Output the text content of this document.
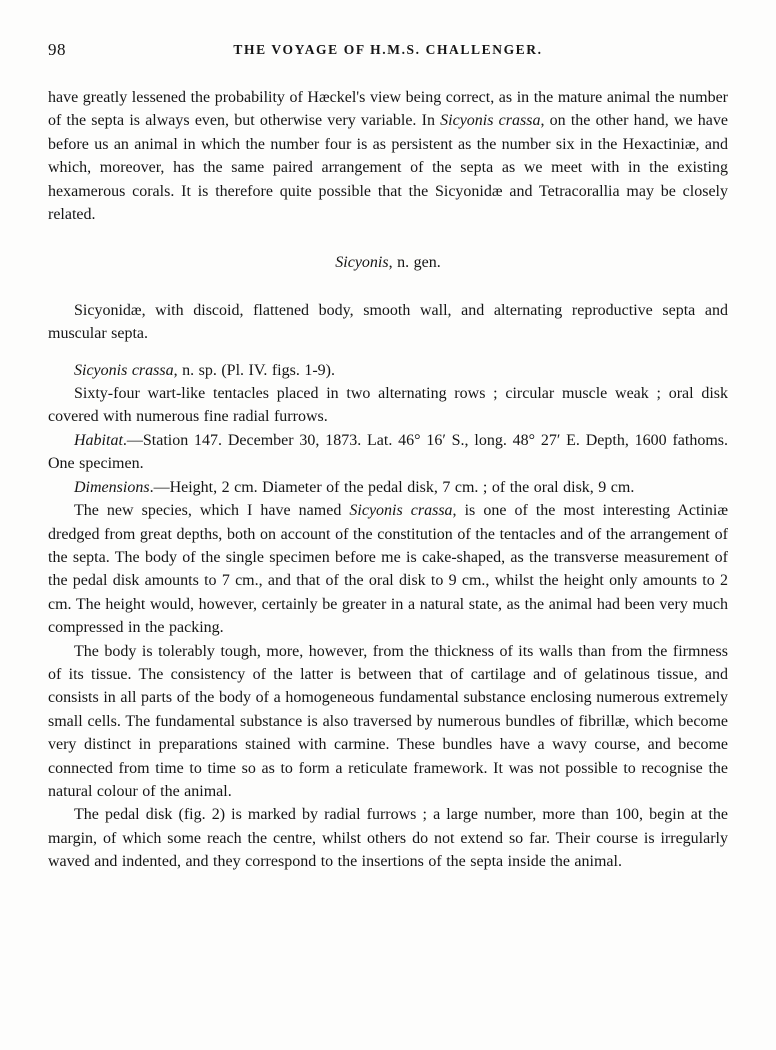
98	THE VOYAGE OF H.M.S. CHALLENGER.

have greatly lessened the probability of Hæckel's view being correct, as in the mature animal the number of the septa is always even, but otherwise very variable. In Sicyonis crassa, on the other hand, we have before us an animal in which the number four is as persistent as the number six in the Hexactiniæ, and which, moreover, has the same paired arrangement of the septa as we meet with in the existing hexamerous corals. It is therefore quite possible that the Sicyonidæ and Tetracorallia may be closely related.

Sicyonis, n. gen.

Sicyonidæ, with discoid, flattened body, smooth wall, and alternating reproductive septa and muscular septa.

Sicyonis crassa, n. sp. (Pl. IV. figs. 1-9).

Sixty-four wart-like tentacles placed in two alternating rows ; circular muscle weak ; oral disk covered with numerous fine radial furrows.

Habitat.—Station 147. December 30, 1873. Lat. 46° 16′ S., long. 48° 27′ E. Depth, 1600 fathoms. One specimen.

Dimensions.—Height, 2 cm. Diameter of the pedal disk, 7 cm. ; of the oral disk, 9 cm.

The new species, which I have named Sicyonis crassa, is one of the most interesting Actiniæ dredged from great depths, both on account of the constitution of the tentacles and of the arrangement of the septa. The body of the single specimen before me is cake-shaped, as the transverse measurement of the pedal disk amounts to 7 cm., and that of the oral disk to 9 cm., whilst the height only amounts to 2 cm. The height would, however, certainly be greater in a natural state, as the animal had been very much compressed in the packing.

The body is tolerably tough, more, however, from the thickness of its walls than from the firmness of its tissue. The consistency of the latter is between that of cartilage and of gelatinous tissue, and consists in all parts of the body of a homogeneous fundamental substance enclosing numerous extremely small cells. The fundamental substance is also traversed by numerous bundles of fibrillæ, which become very distinct in preparations stained with carmine. These bundles have a wavy course, and become connected from time to time so as to form a reticulate framework. It was not possible to recognise the natural colour of the animal.

The pedal disk (fig. 2) is marked by radial furrows ; a large number, more than 100, begin at the margin, of which some reach the centre, whilst others do not extend so far. Their course is irregularly waved and indented, and they correspond to the insertions of the septa inside the animal.
